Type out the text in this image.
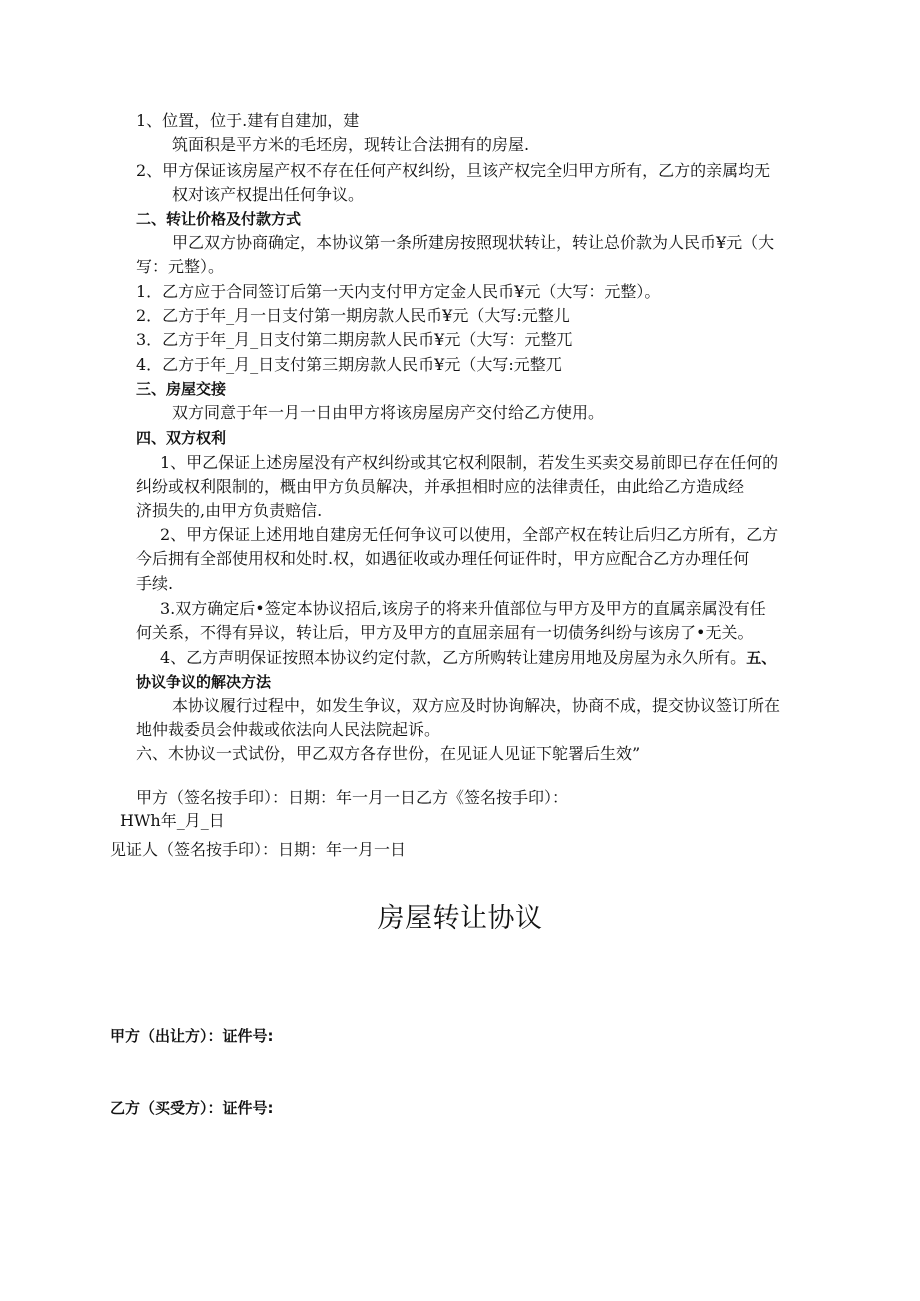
1、位置，位于.建有自建加，建
筑面积是平方米的毛坯房，现转让合法拥有的房屋.
2、甲方保证该房屋产权不存在任何产权纠纷，旦该产权完全归甲方所有，乙方的亲属均无
权对该产权提出任何争议。
二、转让价格及付款方式
甲乙双方协商确定，本协议第一条所建房按照现状转让，转让总价款为人民币¥元（大
写：元整）。
1．乙方应于合同签订后第一天内支付甲方定金人民币¥元（大写：元整）。
2．乙方于年_月一日支付第一期房款人民币¥元（大写:元整儿
3．乙方于年_月_日支付第二期房款人民币¥元（大写：元整兀
4．乙方于年_月_日支付第三期房款人民币¥元（大写:元整兀
三、房屋交接
双方同意于年一月一日由甲方将该房屋房产交付给乙方使用。
四、双方权利
1、甲乙保证上述房屋没有产权纠纷或其它权利限制，若发生买卖交易前即已存在任何的
纠纷或权利限制的，概由甲方负员解决，并承担相时应的法律责任，由此给乙方造成经
济损失的,由甲方负责赔信.
2、甲方保证上述用地自建房无任何争议可以使用，全部产权在转让后归乙方所有，乙方
今后拥有全部使用权和处时.权，如遇征收或办理任何证件时，甲方应配合乙方办理任何
手续.
3.双方确定后•签定本协议招后,该房子的将来升值部位与甲方及甲方的直属亲属没有任
何关系，不得有异议，转让后，甲方及甲方的直屈亲屈有一切债务纠纷与该房了•无关。
4、乙方声明保证按照本协议约定付款，乙方所购转让建房用地及房屋为永久所有。五、
协议争议的解决方法
本协议履行过程中，如发生争议，双方应及时协询解决，协商不成，提交协议签订所在
地仲裁委员会仲裁或依法向人民法院起诉。
六、木协议一式试份，甲乙双方各存世份，在见证人见证下鸵署后生效”
甲方（签名按手印）：日期：年一月一日乙方《签名按手印）：
HWh年_月_日
见证人（签名按手印）：日期：年一月一日
房屋转让协议
甲方（出让方）：证件号:
乙方（买受方）：证件号:
